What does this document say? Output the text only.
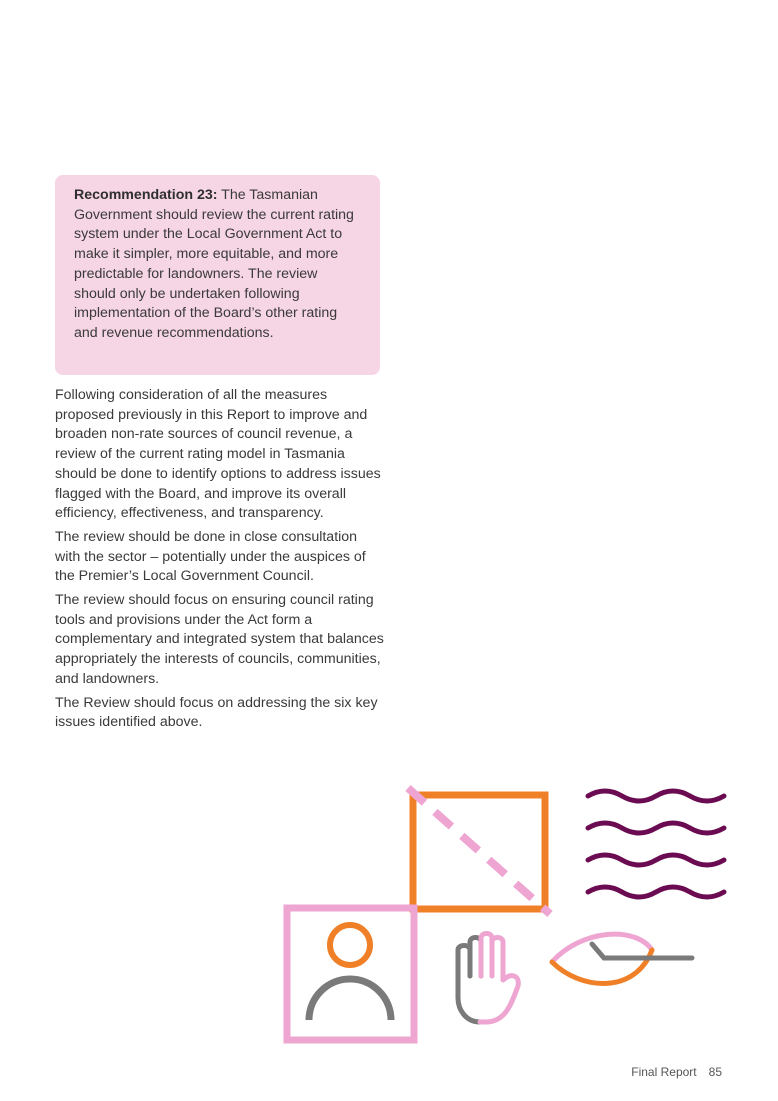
Recommendation 23: The Tasmanian Government should review the current rating system under the Local Government Act to make it simpler, more equitable, and more predictable for landowners. The review should only be undertaken following implementation of the Board’s other rating and revenue recommendations.

Following consideration of all the measures proposed previously in this Report to improve and broaden non-rate sources of council revenue, a review of the current rating model in Tasmania should be done to identify options to address issues flagged with the Board, and improve its overall efficiency, effectiveness, and transparency.

The review should be done in close consultation with the sector – potentially under the auspices of the Premier’s Local Government Council.

The review should focus on ensuring council rating tools and provisions under the Act form a complementary and integrated system that balances appropriately the interests of councils, communities, and landowners.

The Review should focus on addressing the six key issues identified above.

Final Report 85
